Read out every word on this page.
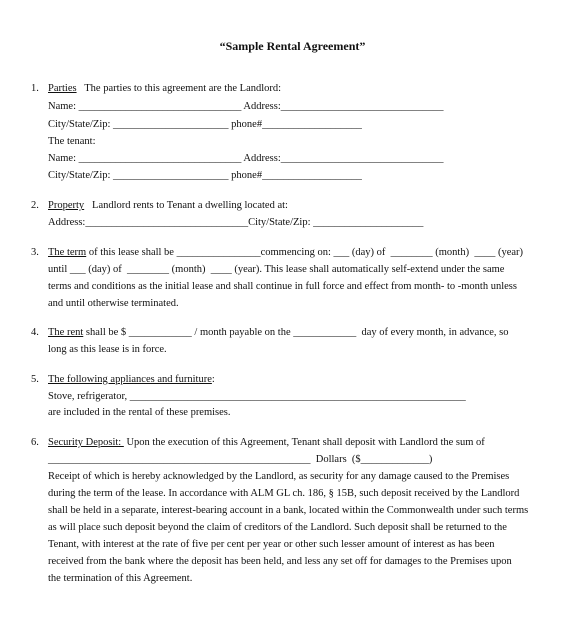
“Sample Rental Agreement”
1. Parties   The parties to this agreement are the Landlord:
Name: _______________________________ Address:_______________________________
City/State/Zip: ______________________ phone#___________________
The tenant:
Name: _______________________________ Address:_______________________________
City/State/Zip: ______________________ phone#___________________
2. Property   Landlord rents to Tenant a dwelling located at:
Address:_______________________________City/State/Zip: _____________________
3. The term of this lease shall be ________________commencing on: ___ (day) of  ________ (month)  ____ (year)
until ___ (day) of  ________ (month)  ____ (year). This lease shall automatically self-extend under the same
terms and conditions as the initial lease and shall continue in full force and effect from month- to -month unless
and until otherwise terminated.
4. The rent shall be $ ____________ / month payable on the ____________  day of every month, in advance, so
long as this lease is in force.
5. The following appliances and furniture:
Stove, refrigerator, ________________________________________________________________
are included in the rental of these premises.
6. Security Deposit:  Upon the execution of this Agreement, Tenant shall deposit with Landlord the sum of
__________________________________________________  Dollars  ($_____________)
Receipt of which is hereby acknowledged by the Landlord, as security for any damage caused to the Premises
during the term of the lease. In accordance with ALM GL ch. 186, § 15B, such deposit received by the Landlord
shall be held in a separate, interest-bearing account in a bank, located within the Commonwealth under such terms
as will place such deposit beyond the claim of creditors of the Landlord. Such deposit shall be returned to the
Tenant, with interest at the rate of five per cent per year or other such lesser amount of interest as has been
received from the bank where the deposit has been held, and less any set off for damages to the Premises upon
the termination of this Agreement.
